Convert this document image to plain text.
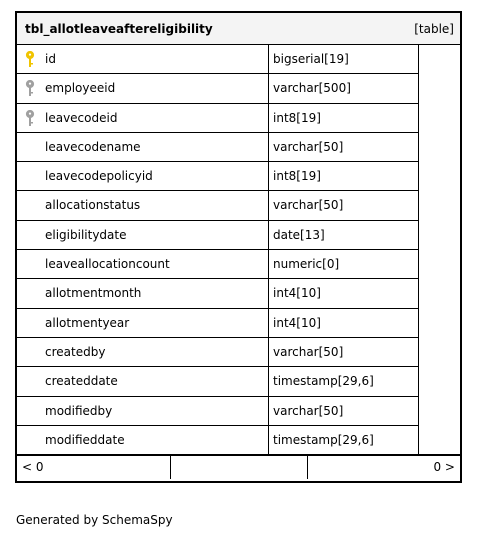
tbl_allotleaveaftereligibility	[table]
id	bigserial[19]
employeeid	varchar[500]
leavecodeid	int8[19]
leavecodename	varchar[50]
leavecodepolicyid	int8[19]
allocationstatus	varchar[50]
eligibilitydate	date[13]
leaveallocationcount	numeric[0]
allotmentmonth	int4[10]
allotmentyear	int4[10]
createdby	varchar[50]
createddate	timestamp[29,6]
modifiedby	varchar[50]
modifieddate	timestamp[29,6]
< 0	0 >
Generated by SchemaSpy
